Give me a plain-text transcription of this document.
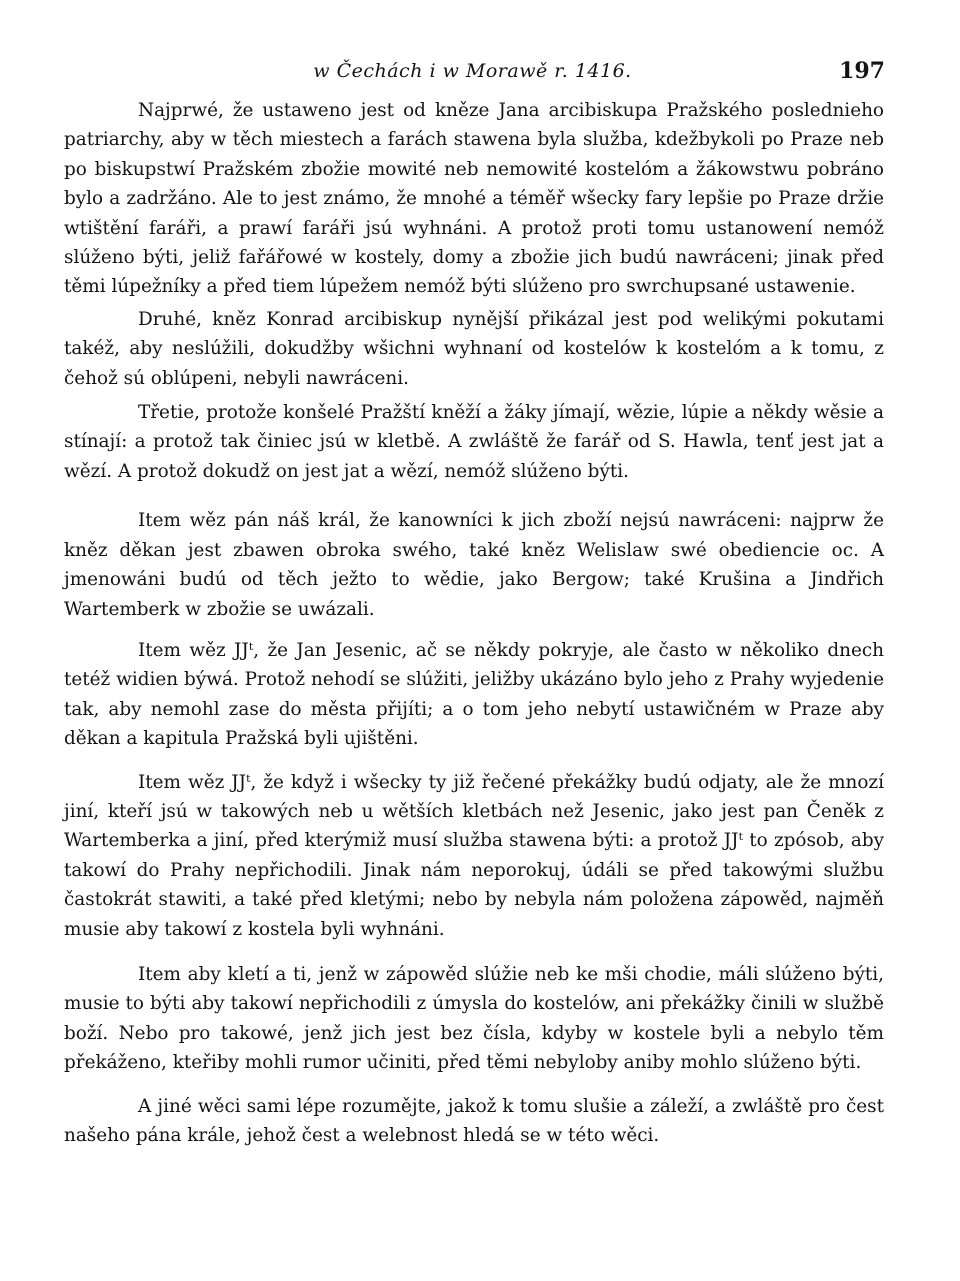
w Čechách i w Morawě r. 1416.	197

Najprwé, že ustaweno jest od kněze Jana arcibiskupa Pražského poslednieho patriarchy, aby w těch miestech a farách stawena byla služba, kdežbykoli po Praze neb po biskupstwí Pražském zbožie mowité neb nemowité kostelóm a žákowstwu pobráno bylo a zadržáno. Ale to jest známo, že mnohé a téměř wšecky fary lepšie po Praze držie wtištění faráři, a prawí faráři jsú wyhnáni. A protož proti tomu ustanowení nemóž slúženo býti, jeliž fařářowé w kostely, domy a zbožie jich budú nawráceni; jinak před těmi lúpežníky a před tiem lúpežem nemóž býti slúženo pro swrchupsané ustawenie.

Druhé, kněz Konrad arcibiskup nynější přikázal jest pod welikými pokutami takéž, aby neslúžili, dokudžby wšichni wyhnaní od kostelów k kostelóm a k tomu, z čehož sú oblúpeni, nebyli nawráceni.

Třetie, protože konšelé Pražští kněží a žáky jímají, wězie, lúpie a někdy wěsie a stínají: a protož tak činiec jsú w kletbě. A zwláště že farář od S. Hawla, tenť jest jat a wězí. A protož dokudž on jest jat a wězí, nemóž slúženo býti.

Item wěz pán náš král, že kanowníci k jich zboží nejsú nawráceni: najprw že kněz děkan jest zbawen obroka swého, také kněz Welislaw swé obediencie oc. A jmenowáni budú od těch ježto to wědie, jako Bergow; také Krušina a Jindřich Wartemberk w zbožie se uwázali.

Item wěz JJᵗ, že Jan Jesenic, ač se někdy pokryje, ale často w několiko dnech tetéž widien býwá. Protož nehodí se slúžiti, jeližby ukázáno bylo jeho z Prahy wyjedenie tak, aby nemohl zase do města přijíti; a o tom jeho nebytí ustawičném w Praze aby děkan a kapitula Pražská byli ujištěni.

Item wěz JJᵗ, že když i wšecky ty již řečené překážky budú odjaty, ale že mnozí jiní, kteří jsú w takowých neb u wětších kletbách než Jesenic, jako jest pan Čeněk z Wartemberka a jiní, před kterýmiž musí služba stawena býti: a protož JJᵗ to zpósob, aby takowí do Prahy nepřichodili. Jinak nám neporokuj, údáli se před takowými službu častokrát stawiti, a také před kletými; nebo by nebyla nám položena zápowěd, najměň musie aby takowí z kostela byli wyhnáni.

Item aby kletí a ti, jenž w zápowěd slúžie neb ke mši chodie, máli slúženo býti, musie to býti aby takowí nepřichodili z úmysla do kostelów, ani překážky činili w službě boží. Nebo pro takowé, jenž jich jest bez čísla, kdyby w kostele byli a nebylo těm překáženo, kteřiby mohli rumor učiniti, před těmi nebyloby aniby mohlo slúženo býti.

A jiné wěci sami lépe rozumějte, jakož k tomu slušie a záleží, a zwláště pro čest našeho pána krále, jehož čest a welebnost hledá se w této wěci.
